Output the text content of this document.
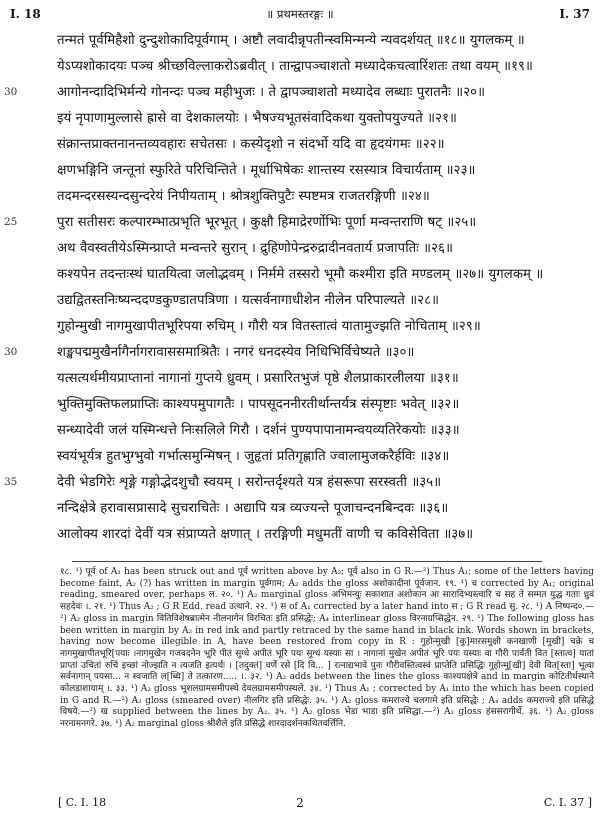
I. 18	॥ प्रथमस्तरङ्गः ॥	I. 37
तन्मतं पूर्वमिहैशो दुन्दुशोकादिपूर्वगाम् । अष्टौ लवादीन्नृपतीन्स्वमिन्मन्ये न्यवदर्शयत् ॥१८॥ युगलकम् ॥
येऽप्यशोकादयः पञ्च श्रीच्छविल्लाकरोऽब्रवीत् । तान्द्वापञ्चाशतो मध्यादेकचत्वारिंशतः तथा वयम् ॥१९॥
30	आगोनन्दादिभिर्मन्ये गोनन्दः पञ्च महीभुजः । ते द्वापञ्चाशतो मध्यादेव लब्धाः पुरातनैः ॥२०॥
इयं नृपाणामुल्लासे ह्रासे वा देशकालयोः । भैषज्यभूतसंवादिकथा युक्तोपयुज्यते ॥२१॥
संक्रान्तप्राक्तनानन्तव्यवहारः सचेतसः । कस्येदृशो न संदर्भो यदि वा हृदयंगमः ॥२२॥
क्षणभङ्गिनि जन्तूनां स्फुरिते परिचिन्तिते । मूर्धाभिषेकः शान्तस्य रसस्यात्र विचार्यताम् ॥२३॥
तदमन्दरसस्यन्दसुन्दरेयं निपीयताम् । श्रोत्रशुक्तिपुटैः स्पष्टमत्र राजतरङ्गिणी ॥२४॥
25	पुरा सतीसरः कल्पारम्भात्प्रभृति भूरभूत् । कुक्षौ हिमाद्रेरर्णोभिः पूर्णा मन्वन्तराणि षट् ॥२५॥
अथ वैवस्वतीयेऽस्मिन्प्राप्ते मन्वन्तरे सुरान् । द्रुहिणोपेन्द्ररुद्रादीनवतार्य प्रजापतिः ॥२६॥
कश्यपेन तदन्तःस्थं घातयित्वा जलोद्भवम् । निर्ममे तस्सरो भूमौ कश्मीरा इति मण्डलम् ॥२७॥ युगलकम् ॥
उद्यद्वितस्तनिःष्यन्ददण्डकुण्डातपत्रिणा । यत्सर्वनागाधीशेन नीलेन परिपाल्यते ॥२८॥
गुहोन्मुखी नागमुखापीतभूरिपया रुचिम् । गौरी यत्र वितस्तात्वं यातामुज्झति नोचिताम् ॥२९॥
30	शङ्खपद्ममुखैर्नागैर्नागरावाससमाश्रितैः । नगरं धनदस्येव निधिभिर्विचेष्यते ॥३०॥
यत्सत्यर्थमीयप्राप्तानां नागानां गुप्तये ध्रुवम् । प्रसारितभुजं पृष्ठे शैलप्राकारलीलया ॥३१॥
भुक्तिमुक्तिफलप्राप्तिः काश्यपमुपागतैः । पापसूदननीरतीर्थान्तर्यत्र संस्पृष्टाः भवेत् ॥३२॥
सन्ध्यादेवी जलं यस्मिन्धत्ते निःसलिले गिरौ । दर्शनं पुण्यपापानामन्वयव्यतिरेकयोः ॥३३॥
स्वयंभूर्यत्र हुतभुग्भुवो गर्भात्समुन्मिषन् । जुहृतां प्रतिगृह्णाति ज्वालामुजकरैर्हविः ॥३४॥
35	देवी भेडगिरेः शृङ्गे गङ्गोद्भेदशुचौ स्वयम् । सरोन्तर्दृश्यते यत्र हंसरूपा सरस्वती ॥३५॥
नन्दिक्षेत्रे हरावासप्रासादे सुचराचितेः । अद्यापि यत्र व्यज्यन्ते पूजाचन्दनबिन्दवः ॥३६॥
आलोक्य शारदां देवीं यत्र संप्राप्यते क्षणात् । तरङ्गिणी मधुमतीं वाणी च कविसेविता ॥३७॥

१८. ¹) पूर्व of A₁ has been struck out and पूर्व written above by A₂; पूर्व also in G R.—²) Thus A₁; some of the letters having become faint, A₂ (?) has written in margin पूर्वगाम; A₂ adds the gloss अशोकादीनां पूर्वजान. १९. ¹) च corrected by A₁; original reading, smeared over, perhaps ल. २०. ¹) A₂ marginal gloss अभिमन्युः सकाशात अशोकान आ सारादिभ्यस्त्वारि च सह ते सम्मत युद्ध गताः ध्रुवं सहदेवः ।. २१. ¹) Thus A₂ ; G R Edd. read उत्थाने. २२. ¹) स of A₁ corrected by a later hand into स ; G R read सु. २८. ¹) A निष्पन्द०.—²) A₂ gloss in margin वितिविशेषब्रात्मेन नीलनागेन विरचितः इति प्रसिद्धेः; A₄ interlinear gloss विरनाग्रप्सिद्धेन. २९. ¹) The following gloss has been written in margin by A₂ in red ink and partly retraced by the same hand in black ink. Words shown in brackets, having now become illegible in A, have been restored from copy in R : गुहोन्मुखी [कु]मारसमुक्षी कनखाणी [मुखी] चक्रे च नागमुखापीतभूरि[पयाः ।नागमुखेन गजवदनेन भूरि पीतं सुग्धे अपीतं भूरि पयः सुग्धं यस्याः सा । नागानां मुखेन अपीतं भूरि पयः यस्याः वा गौरी पार्वती वित [स्तात्व] यातां प्राप्तां उचितां रुचिं इच्छां नोज्झति न त्यजति इत्यर्थः । [तदुक्तं] वर्णे रसे [दि वि... ] रत्नाद्यभावे पुनः गौरीवस्तित्वस्वं प्राप्तेति प्रसिद्धिः गुहोन्मु[खी] देवी वित[स्ता] भूत्वा सर्वनागान् पयसा... न स्वजाति ल[ब्धि] ते तत्कारण..... ।. ३२. ¹) A₂ adds between the lines the gloss काश्यपक्षेत्रे and in margin कोटितीर्थस्थाने कोलडाशायाम् ।. ३३. ¹) A₂ gloss भूशलग्रामसमीपस्थे देवलग्रामसमीपस्थले. ३४. ¹) Thus A₁ ; corrected by A₁ into the which has been copied in G and R.—²) A₂ gloss (smeared over) नीलगिर इति प्रसिद्धेः. ३५. ¹) A₂ gloss कमराज्ये चलगामे इति प्रसिद्धेः ; A₄ adds कमराज्ये इति प्रसिद्धे विषये.—²) ख supplied between the lines by A₂. ३५. ¹) A₂ gloss भेडा भाडा इति प्रसिद्धा.—²) A₂ gloss हंससरागीर्थे. ३६. ¹) A₂ gloss नरनामनगरे. ३७. ¹) A₂ marginal gloss श्रीशैले इति प्रसिद्धे शारदादर्शनकथितवर्त्तिनि.

[ C. I. 18	2	C. I. 37 ]
